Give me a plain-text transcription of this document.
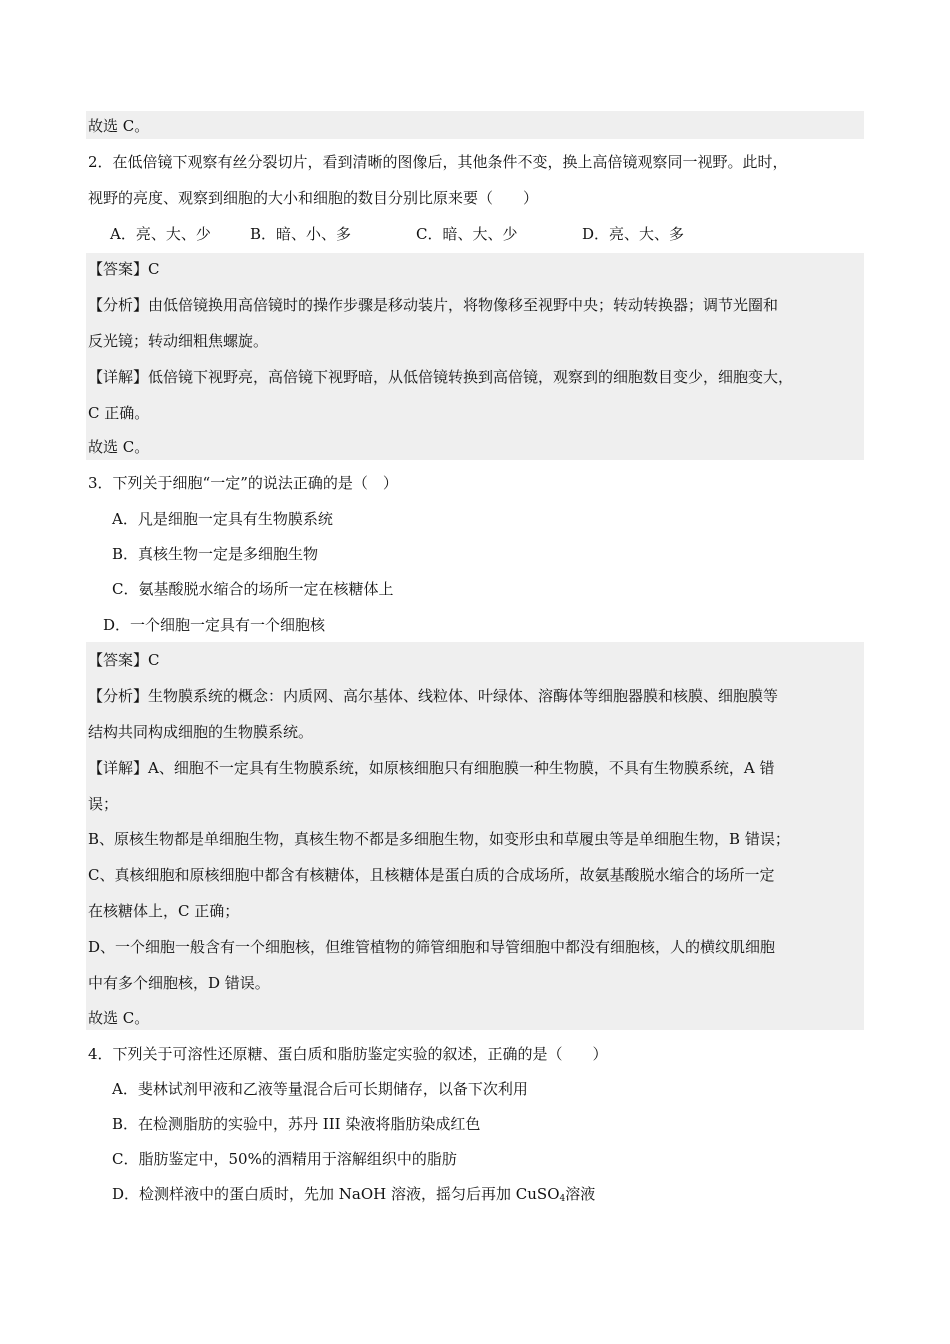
故选 C。
2．在低倍镜下观察有丝分裂切片，看到清晰的图像后，其他条件不变，换上高倍镜观察同一视野。此时，
视野的亮度、观察到细胞的大小和细胞的数目分别比原来要（　　）
A．亮、大、少	B．暗、小、多	C．暗、大、少	D．亮、大、多
【答案】C
【分析】由低倍镜换用高倍镜时的操作步骤是移动装片，将物像移至视野中央；转动转换器；调节光圈和
反光镜；转动细粗焦螺旋。
【详解】低倍镜下视野亮，高倍镜下视野暗，从低倍镜转换到高倍镜，观察到的细胞数目变少，细胞变大，
C 正确。
故选 C。
3．下列关于细胞“一定”的说法正确的是（　）
A．凡是细胞一定具有生物膜系统
B．真核生物一定是多细胞生物
C．氨基酸脱水缩合的场所一定在核糖体上
D．一个细胞一定具有一个细胞核
【答案】C
【分析】生物膜系统的概念：内质网、高尔基体、线粒体、叶绿体、溶酶体等细胞器膜和核膜、细胞膜等
结构共同构成细胞的生物膜系统。
【详解】A、细胞不一定具有生物膜系统，如原核细胞只有细胞膜一种生物膜，不具有生物膜系统，A 错
误；
B、原核生物都是单细胞生物，真核生物不都是多细胞生物，如变形虫和草履虫等是单细胞生物，B 错误；
C、真核细胞和原核细胞中都含有核糖体，且核糖体是蛋白质的合成场所，故氨基酸脱水缩合的场所一定
在核糖体上，C 正确；
D、一个细胞一般含有一个细胞核，但维管植物的筛管细胞和导管细胞中都没有细胞核，人的横纹肌细胞
中有多个细胞核，D 错误。
故选 C。
4．下列关于可溶性还原糖、蛋白质和脂肪鉴定实验的叙述，正确的是（　　）
A．斐林试剂甲液和乙液等量混合后可长期储存，以备下次利用
B．在检测脂肪的实验中，苏丹 III 染液将脂肪染成红色
C．脂肪鉴定中，50%的酒精用于溶解组织中的脂肪
D．检测样液中的蛋白质时，先加 NaOH 溶液，摇匀后再加 CuSO$_4$溶液
